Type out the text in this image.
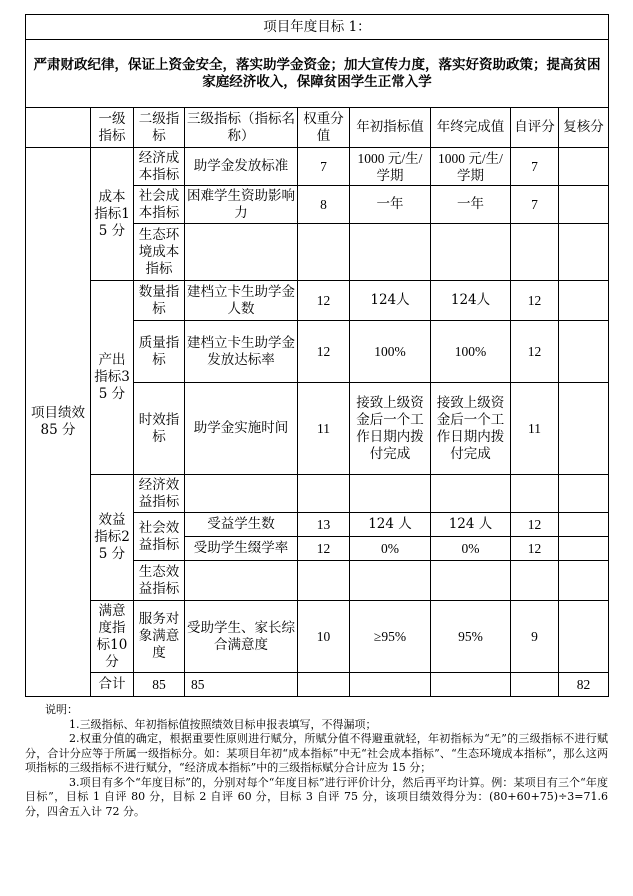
项目年度目标 1：									
严肃财政纪律，保证上资金安全，落实助学金资金；加大宣传力度，落实好资助政策；提高贫困家庭经济收入，保障贫困学生正常入学									
	一级指标	二级指标	三级指标（指标名称）	权重分值	年初指标值	年终完成值	自评分	复核分	
项目绩效85 分	成本指标15 分	经济成本指标	助学金发放标准	7	1000 元/生/学期	1000 元/生/学期	7		
		社会成本指标	困难学生资助影响力	8	一年	一年	7		
		生态环境成本指标							
	产出指标35 分	数量指标	建档立卡生助学金人数	12	124人	124人	12		
		质量指标	建档立卡生助学金发放达标率	12	100%	100%	12		
		时效指标	助学金实施时间	11	接致上级资金后一个工作日期内拨付完成	接致上级资金后一个工作日期内拨付完成	11		
	效益指标25 分	经济效益指标							
		社会效益指标	受益学生数	13	124 人	124 人	12		
			受助学生缀学率	12	0%	0%	12		
		生态效益指标							
	满意度指标10 分	服务对象满意度	受助学生、家长综合满意度	10	≥95%	95%	9		
	合计	85	85					82	
说明：
1.三级指标、年初指标值按照绩效目标申报表填写，不得漏项；
2.权重分值的确定，根据重要性原则进行赋分，所赋分值不得避重就轻，年初指标为“无”的三级指标不进行赋分，合计分应等于所属一级指标分。如：某项目年初“成本指标”中无“社会成本指标”、“生态环境成本指标”，那么这两项指标的三级指标不进行赋分，“经济成本指标”中的三级指标赋分合计应为 15 分；
3.项目有多个“年度目标”的，分别对每个“年度目标”进行评价计分，然后再平均计算。例：某项目有三个“年度目标”，目标 1 自评 80 分，目标 2 自评 60 分，目标 3 自评 75 分，该项目绩效得分为：(80+60+75)÷3=71.6 分，四舍五入计 72 分。
